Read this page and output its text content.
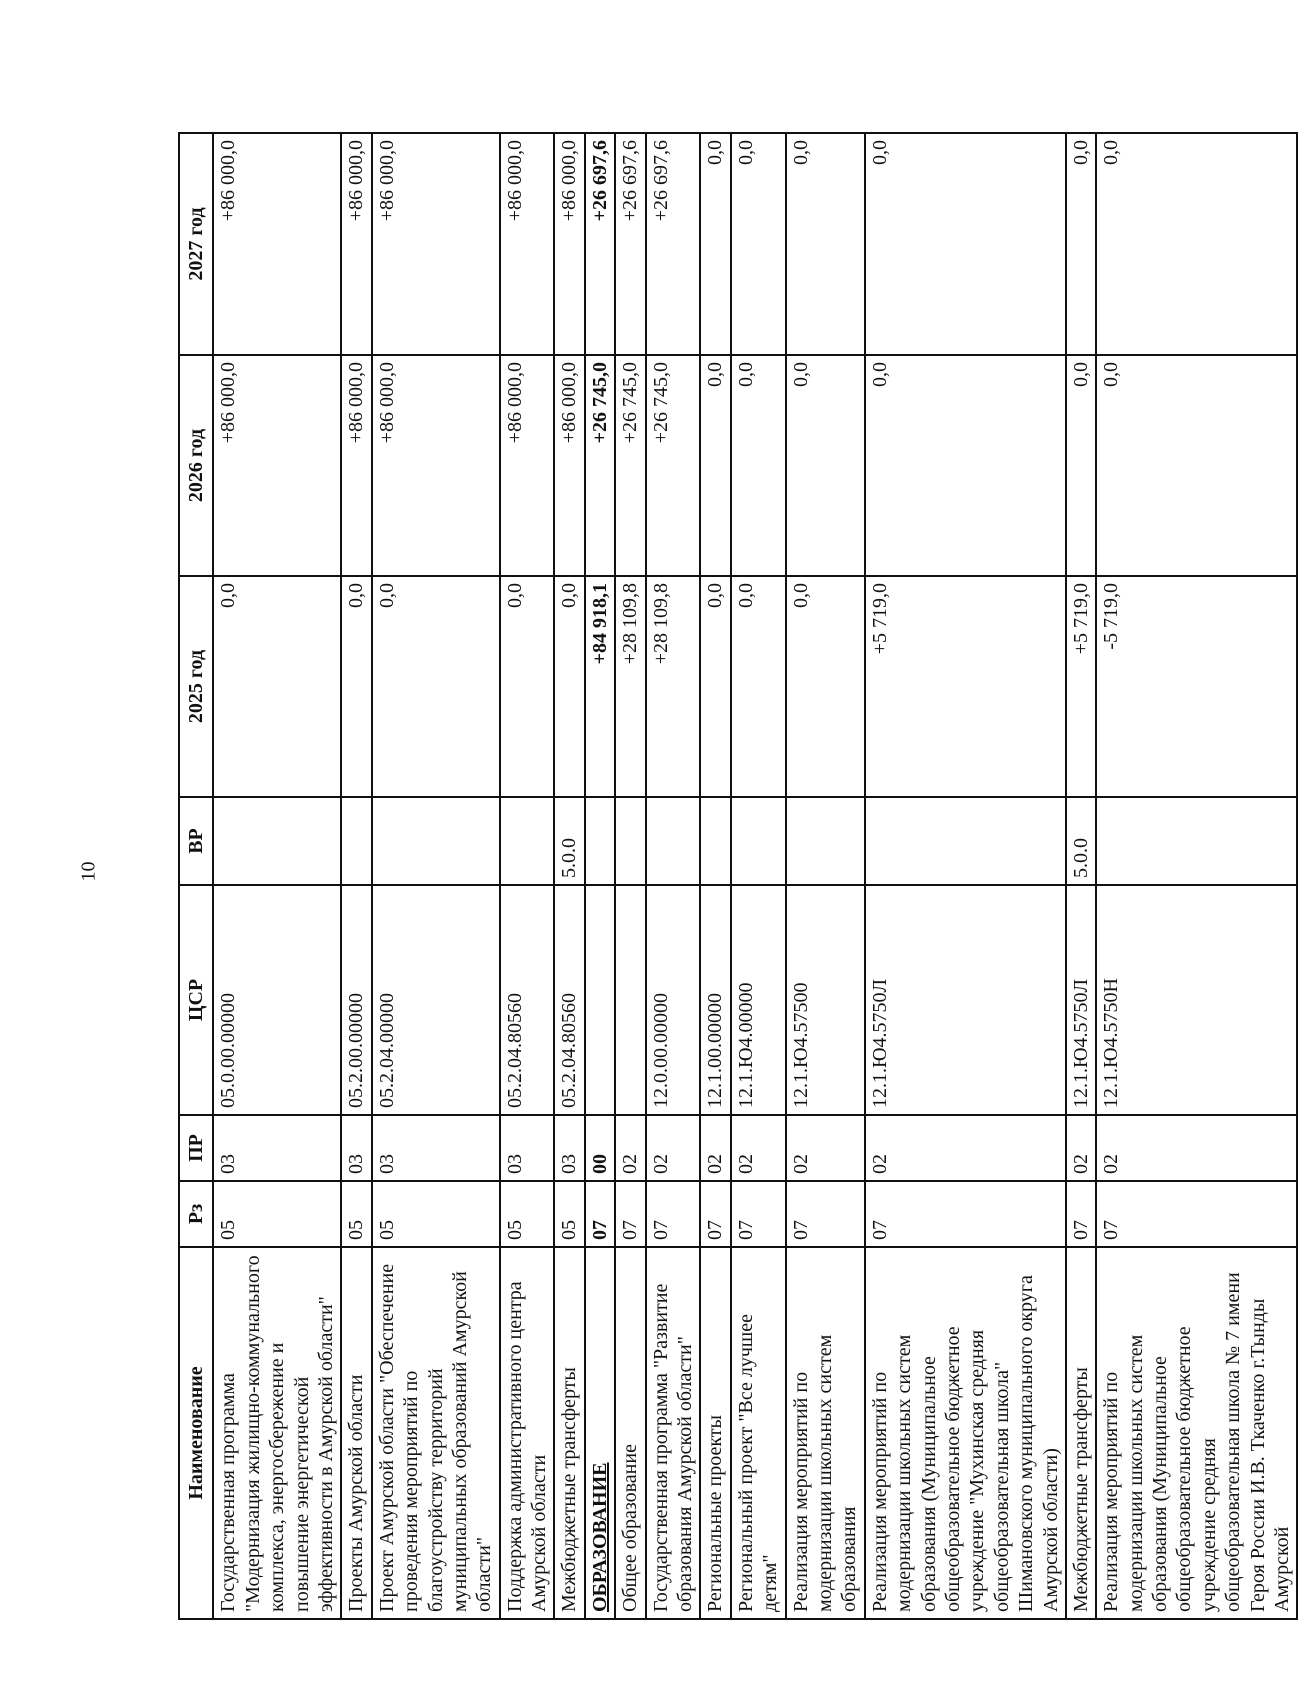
10
Наименование	Рз	ПР	ЦСР	ВР	2025 год	2026 год	2027 год
Государственная программа "Модернизация жилищно-коммунального комплекса, энергосбережение и повышение энергетической эффективности в Амурской области"	05	03	05.0.00.00000		0,0	+86 000,0	+86 000,0
Проекты Амурской области	05	03	05.2.00.00000		0,0	+86 000,0	+86 000,0
Проект Амурской области "Обеспечение проведения мероприятий по благоустройству территорий муниципальных образований Амурской области"	05	03	05.2.04.00000		0,0	+86 000,0	+86 000,0
Поддержка административного центра Амурской области	05	03	05.2.04.80560		0,0	+86 000,0	+86 000,0
Межбюджетные трансферты	05	03	05.2.04.80560	5.0.0	0,0	+86 000,0	+86 000,0
ОБРАЗОВАНИЕ	07	00			+84 918,1	+26 745,0	+26 697,6
Общее образование	07	02			+28 109,8	+26 745,0	+26 697,6
Государственная программа "Развитие образования Амурской области"	07	02	12.0.00.00000		+28 109,8	+26 745,0	+26 697,6
Региональные проекты	07	02	12.1.00.00000		0,0	0,0	0,0
Региональный проект "Все лучшее детям"	07	02	12.1.Ю4.00000		0,0	0,0	0,0
Реализация мероприятий по модернизации школьных систем образования	07	02	12.1.Ю4.57500		0,0	0,0	0,0
Реализация мероприятий по модернизации школьных систем образования (Муниципальное общеобразовательное бюджетное учреждение "Мухинская средняя общеобразовательная школа" Шимановского муниципального округа Амурской области)	07	02	12.1.Ю4.5750Л		+5 719,0	0,0	0,0
Межбюджетные трансферты	07	02	12.1.Ю4.5750Л	5.0.0	+5 719,0	0,0	0,0
Реализация мероприятий по модернизации школьных систем образования (Муниципальное общеобразовательное бюджетное учреждение средняя общеобразовательная школа № 7 имени Героя России И.В. Ткаченко г.Тынды Амурской	07	02	12.1.Ю4.5750Н		-5 719,0	0,0	0,0
